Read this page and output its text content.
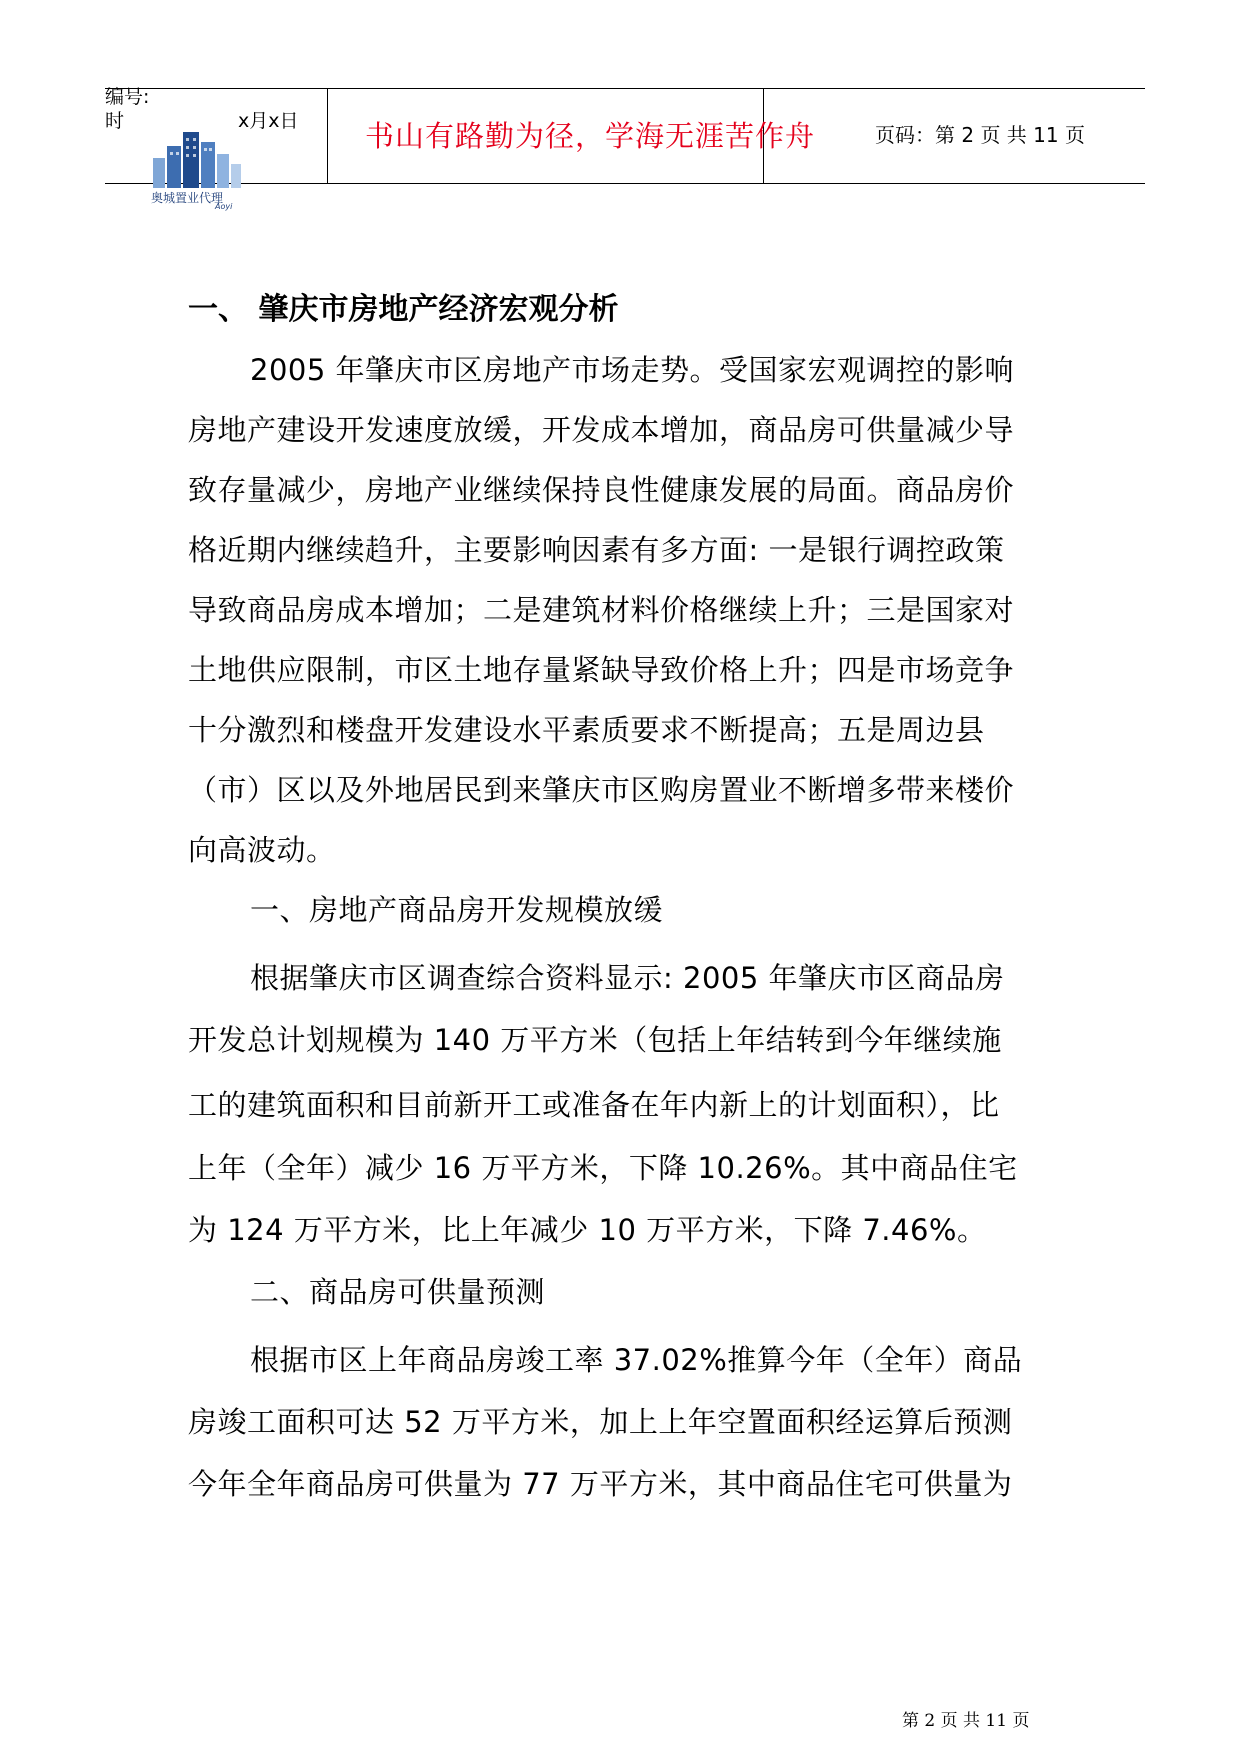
编号:
时	x月x日
奥城置业代理
Aoyi
书山有路勤为径，学海无涯苦作舟	页码：第 2 页 共 11 页
一、 肇庆市房地产经济宏观分析
2005 年肇庆市区房地产市场走势。受国家宏观调控的影响
房地产建设开发速度放缓，开发成本增加，商品房可供量减少导
致存量减少，房地产业继续保持良性健康发展的局面。商品房价
格近期内继续趋升，主要影响因素有多方面: 一是银行调控政策
导致商品房成本增加；二是建筑材料价格继续上升；三是国家对
土地供应限制，市区土地存量紧缺导致价格上升；四是市场竞争
十分激烈和楼盘开发建设水平素质要求不断提高；五是周边县
（市）区以及外地居民到来肇庆市区购房置业不断增多带来楼价
向高波动。
一、房地产商品房开发规模放缓
根据肇庆市区调查综合资料显示: 2005 年肇庆市区商品房
开发总计划规模为 140 万平方米（包括上年结转到今年继续施
工的建筑面积和目前新开工或准备在年内新上的计划面积），比
上年（全年）减少 16 万平方米，下降 10.26%。其中商品住宅
为 124 万平方米，比上年减少 10 万平方米，下降 7.46%。
二、商品房可供量预测
根据市区上年商品房竣工率 37.02%推算今年（全年）商品
房竣工面积可达 52 万平方米，加上上年空置面积经运算后预测
今年全年商品房可供量为 77 万平方米，其中商品住宅可供量为
第 2 页 共 11 页
